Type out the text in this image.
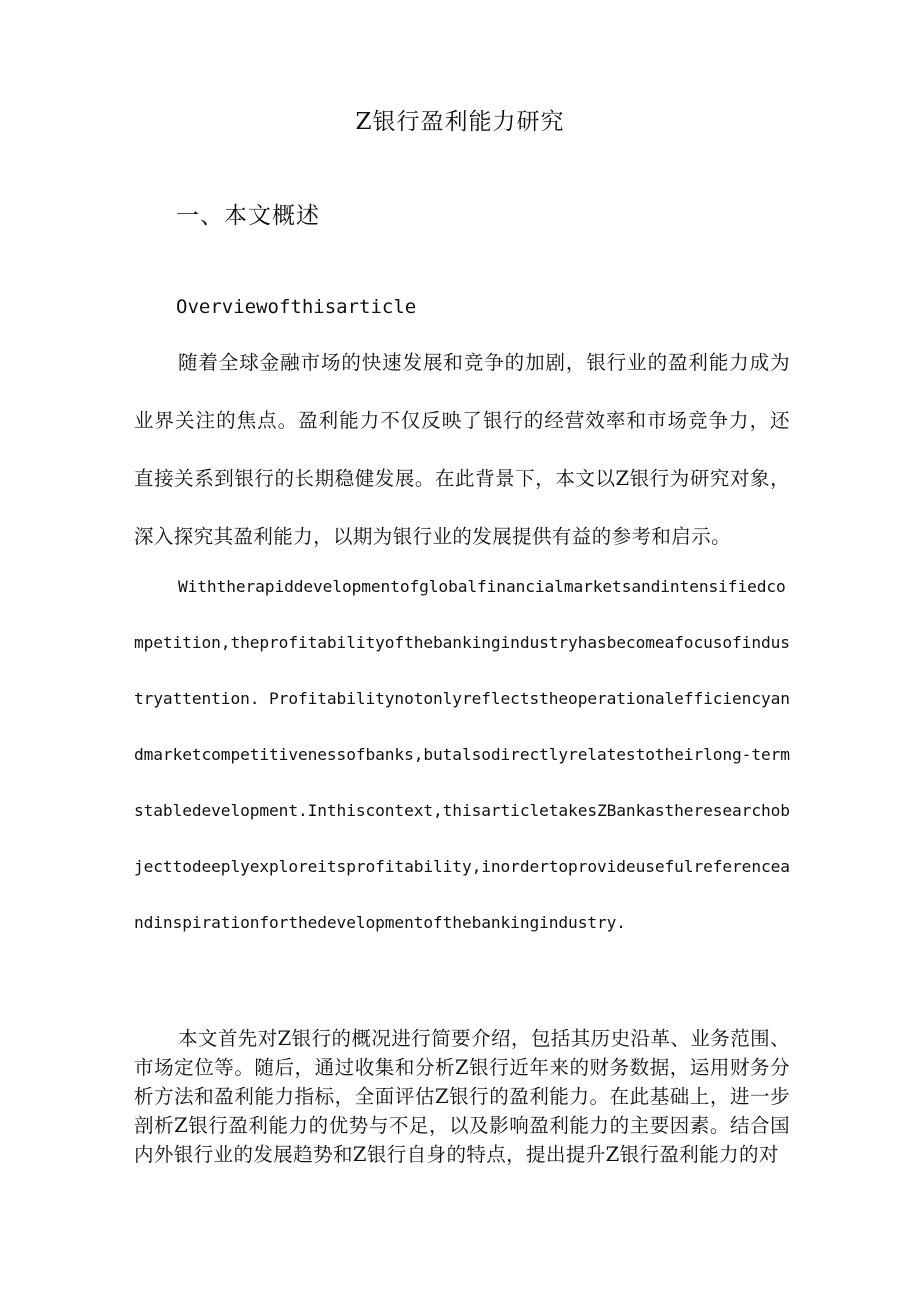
Z银行盈利能力研究
一、本文概述
Overviewofthisarticle
随着全球金融市场的快速发展和竞争的加剧，银行业的盈利能力成为业界关注的焦点。盈利能力不仅反映了银行的经营效率和市场竞争力，还直接关系到银行的长期稳健发展。在此背景下，本文以Z银行为研究对象，深入探究其盈利能力，以期为银行业的发展提供有益的参考和启示。
Withtherapiddevelopmentofglobalfinancialmarketsandintensifiedcompetition,theprofitabilityofthebankingindustryhasbecomeafocusofindustryattention. Profitabilitynotonlyreflectstheoperationalefficiencyandmarketcompetitivenessofbanks,butalsodirectlyrelatestotheirlong-termstabledevelopment.Inthiscontext,thisarticletakesZBankastheresearchobjecttodeeplyexploreitsprofitability,inordertoprovideusefulreferenceandinspirationforthedevelopmentofthebankingindustry.
本文首先对Z银行的概况进行简要介绍，包括其历史沿革、业务范围、市场定位等。随后，通过收集和分析Z银行近年来的财务数据，运用财务分析方法和盈利能力指标，全面评估Z银行的盈利能力。在此基础上，进一步剖析Z银行盈利能力的优势与不足，以及影响盈利能力的主要因素。结合国内外银行业的发展趋势和Z银行自身的特点，提出提升Z银行盈利能力的对
